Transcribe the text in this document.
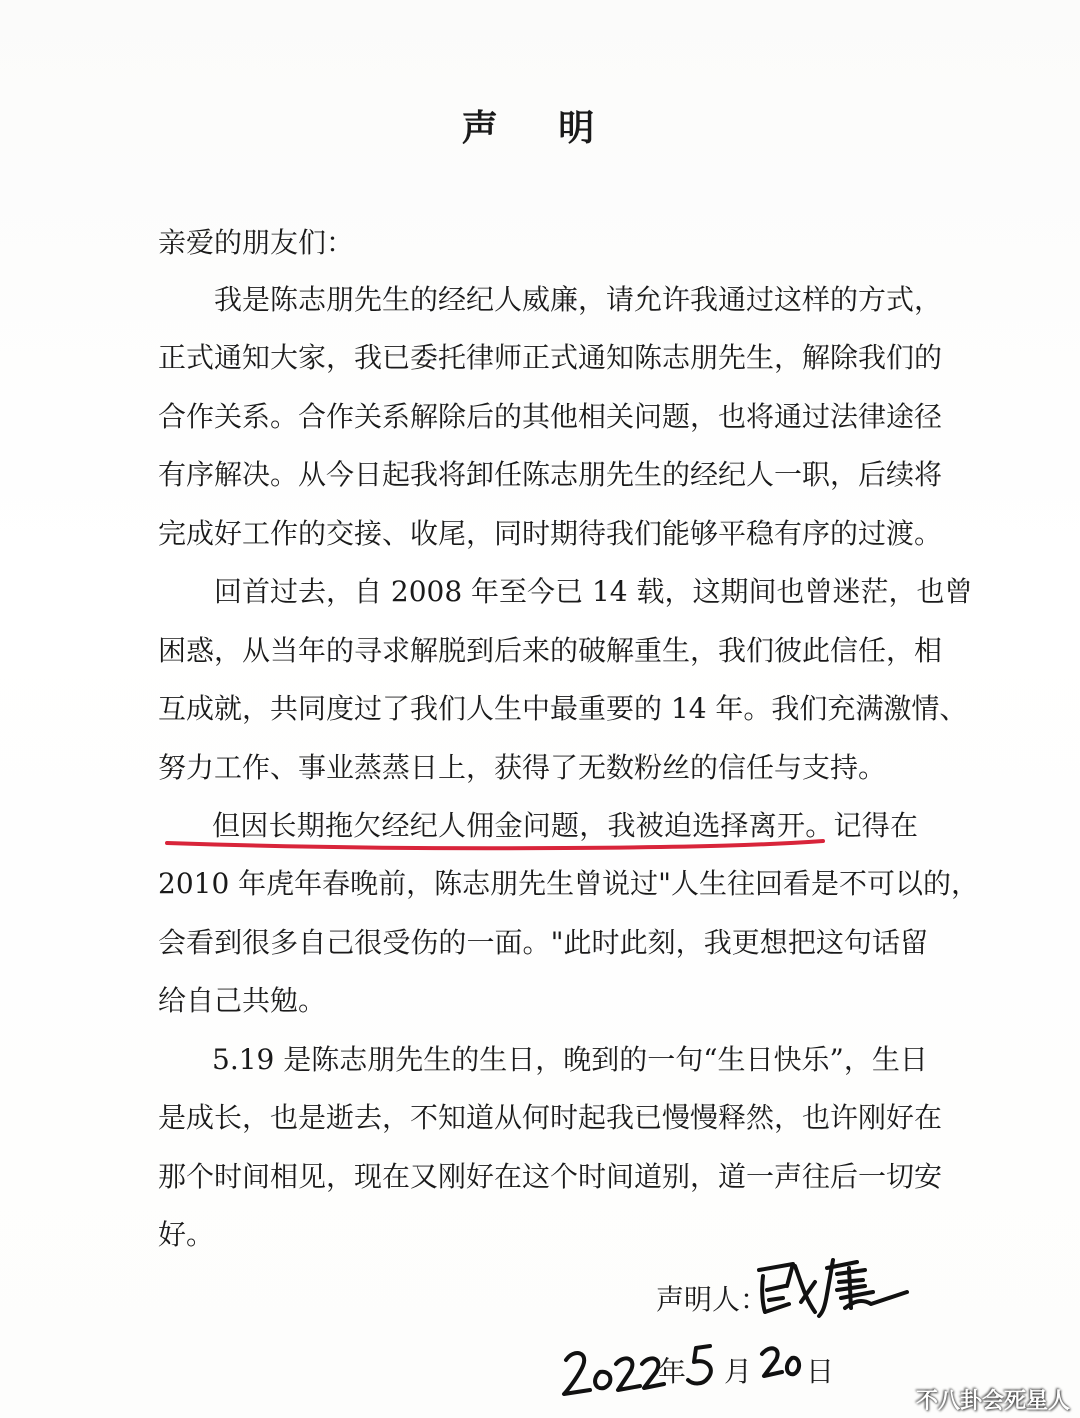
声 明

亲爱的朋友们：

我是陈志朋先生的经纪人威廉，请允许我通过这样的方式，

正式通知大家，我已委托律师正式通知陈志朋先生，解除我们的

合作关系。合作关系解除后的其他相关问题，也将通过法律途径

有序解决。从今日起我将卸任陈志朋先生的经纪人一职，后续将

完成好工作的交接、收尾，同时期待我们能够平稳有序的过渡。

回首过去，自 2008 年至今已 14 载，这期间也曾迷茫，也曾

困惑，从当年的寻求解脱到后来的破解重生，我们彼此信任，相

互成就，共同度过了我们人生中最重要的 14 年。我们充满激情、

努力工作、事业蒸蒸日上，获得了无数粉丝的信任与支持。

但因长期拖欠经纪人佣金问题，我被迫选择离开。记得在

2010 年虎年春晚前，陈志朋先生曾说过"人生往回看是不可以的，

会看到很多自己很受伤的一面。"此时此刻，我更想把这句话留

给自己共勉。

5.19 是陈志朋先生的生日，晚到的一句“生日快乐”，生日

是成长，也是逝去，不知道从何时起我已慢慢释然，也许刚好在

那个时间相见，现在又刚好在这个时间道别，道一声往后一切安

好。

声明人：

年 月 日

不八卦会死星人
